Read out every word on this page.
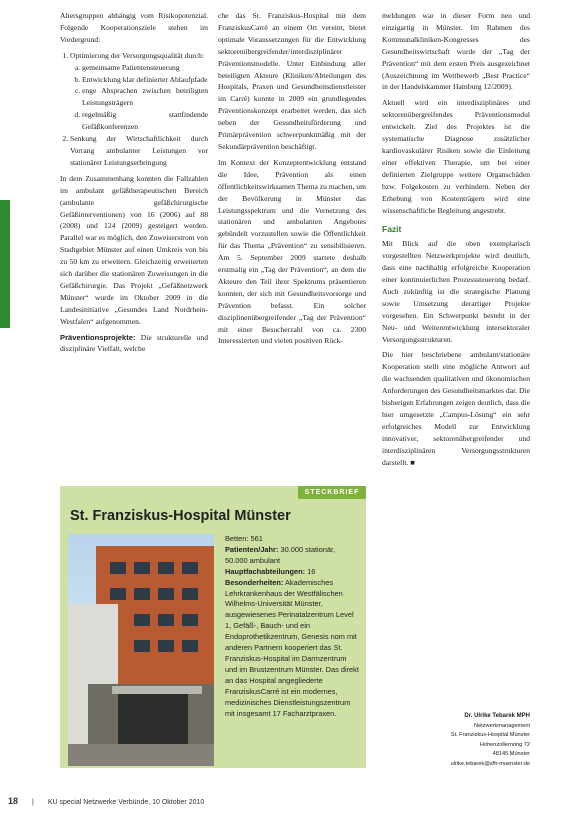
Altersgruppen abhängig vom Risikopotenzial. Folgende Kooperationsziele stehen im Vordergrund:

1. Optimierung der Versorgungsqualität durch:
a. gemeinsame Patientensteuerung
b. Entwicklung klar definierter Ablaufpfade
c. enge Absprachen zwischen beteiligten Leistungsträgern
d. regelmäßig stattfindende Gefäßkonferenzen
2. Senkung der Wirtschaftlichkeit durch Vorrang ambulanter Leistungen vor stationärer Leistungserbringung

In dem Zusammenhang konnten die Fallzahlen im ambulant gefäßtherapeutischen Bereich (ambulante gefäßchirurgische Gefäßinterventionen) von 16 (2006) auf 88 (2008) und 124 (2009) gesteigert werden. Parallel war es möglich, den Zuweiserstrom von Stadtgebiet Münster auf einen Umkreis von bis zu 50 km zu erweitern. Gleichzeitig erweiterten sich darüber die stationären Zuweisungen in die Gefäßchirurgie. Das Projekt „Gefäßnetzwerk Münster“ wurde im Oktober 2009 in die Landesinitiative „Gesundes Land Nordrhein-Westfalen“ aufgenommen.

Präventionsprojekte: Die strukturelle und disziplinäre Vielfalt, welche

che das St. Franziskus-Hospital mit dem FranziskusCarré an einem Ort vereint, bietet optimale Voraussetzungen für die Entwicklung sektorenübergreifender/interdisziplinärer Präventionsmodelle. Unter Einbindung aller beteiligten Akteure (Kliniken/Abteilungen des Hospitals, Praxen und Gesundheitsdienstleister im Carré) konnte in 2009 ein grundlegendes Präventionskonzept erarbeitet werden, das sich neben der Gesundheitsförderung und Primärprävention schwerpunktmäßig mit der Sekundärprävention beschäftigt.

Im Kontext der Konzeptentwicklung entstand die Idee, Prävention als einen öffentlichkeitswirksamen Thema zu machen, um der Bevölkerung in Münster das Leistungsspektrum und die Vernetzung des stationären und ambulanten Angebotes gebündelt vorzustellen sowie die Öffentlichkeit für das Thema „Prävention“ zu sensibilisieren. Am 5. September 2009 startete deshalb erstmalig ein „Tag der Prävention“, an dem die Akteure den Teil ihrer Spektrums präsentieren konnten, der sich mit Gesundheitsvorsorge und Prävention befasst. Ein solcher disziplinenübergreifender „Tag der Prävention“ mit einer Besucherzahl von ca. 2300 Interessierten und vielen positiven Rück-

meldungen war in dieser Form neu und einzigartig in Münster. Im Rahmen des Kommunalkliniken-Kongresses des Gesundheitswirtschaft wurde der „Tag der Prävention“ mit dem ersten Preis ausgezeichnet (Auszeichnung im Wettbewerb „Best Practice“ in der Handelskammer Hamburg 12/2009).

Aktuell wird ein interdisziplinäres und sektorenübergreifendes Präventionsmodul entwickelt. Ziel des Projektes ist die systematische Diagnose zusätzlicher kardiovaskulärer Risiken sowie die Einleitung einer effektiven Therapie, um bei einer definierten Zielgruppe weitere Organschäden bzw. Folgekosten zu verhindern. Neben der Erhebung von Kostenträgern wird eine wissenschaftliche Begleitung angestrebt.

Fazit

Mit Blick auf die oben exemplarisch vorgestellten Netzwerkprojekte wird deutlich, dass eine nachhaltig erfolgreiche Kooperation einer kontinuierlichen Prozesssteuerung bedarf. Auch zukünftig ist die strategische Planung sowie Umsetzung derartiger Projekte vorgesehen. Ein Schwerpunkt besteht in der Neu- und Weiterentwicklung intersektoraler Versorgungsstrukturen.

Die hier beschriebene ambulant/stationäre Kooperation stellt eine mögliche Antwort auf die wachsenden qualitativen und ökonomischen Anforderungen des Gesundheitsmarktes dar. Die bisherigen Erfahrungen zeigen deutlich, dass die hier umgesetzte „Campus-Lösung“ ein sehr erfolgreiches Modell zur Entwicklung innovativer, sektorenübergreifender und interdisziplinären Versorgungsstrukturen darstellt. ■

STECKBRIEF
St. Franziskus-Hospital Münster

Betten: 561

Patienten/Jahr: 30.000 stationär, 50.000 ambulant

Hauptfachabteilungen: 16

Besonderheiten: Akademisches Lehrkrankenhaus der Westfälischen Wilhelms-Universität Münster, ausgewiesenes Perinatalzentrum Level 1, Gefäß-, Bauch- und ein Endoprothetikzentrum, Genesis nom mit anderen Partnern kooperiert das St. Franziskus-Hospital im Darmzentrum und im Brustzentrum Münster. Das direkt an das Hospital angegliederte FranziskusCarré ist ein modernes, medizinisches Dienstleistungszentrum mit insgesamt 17 Facharztpraxen.	Dr. Ulrike Tebarek MPH
Netzwerkmanagement
St. Franziskus-Hospital Münster
Hohenzollernring 72
48145 Münster
ulrike.tebarek@sfh-muenster.de
18 | KU special Netzwerke Verbünde, 10 Oktober 2010
